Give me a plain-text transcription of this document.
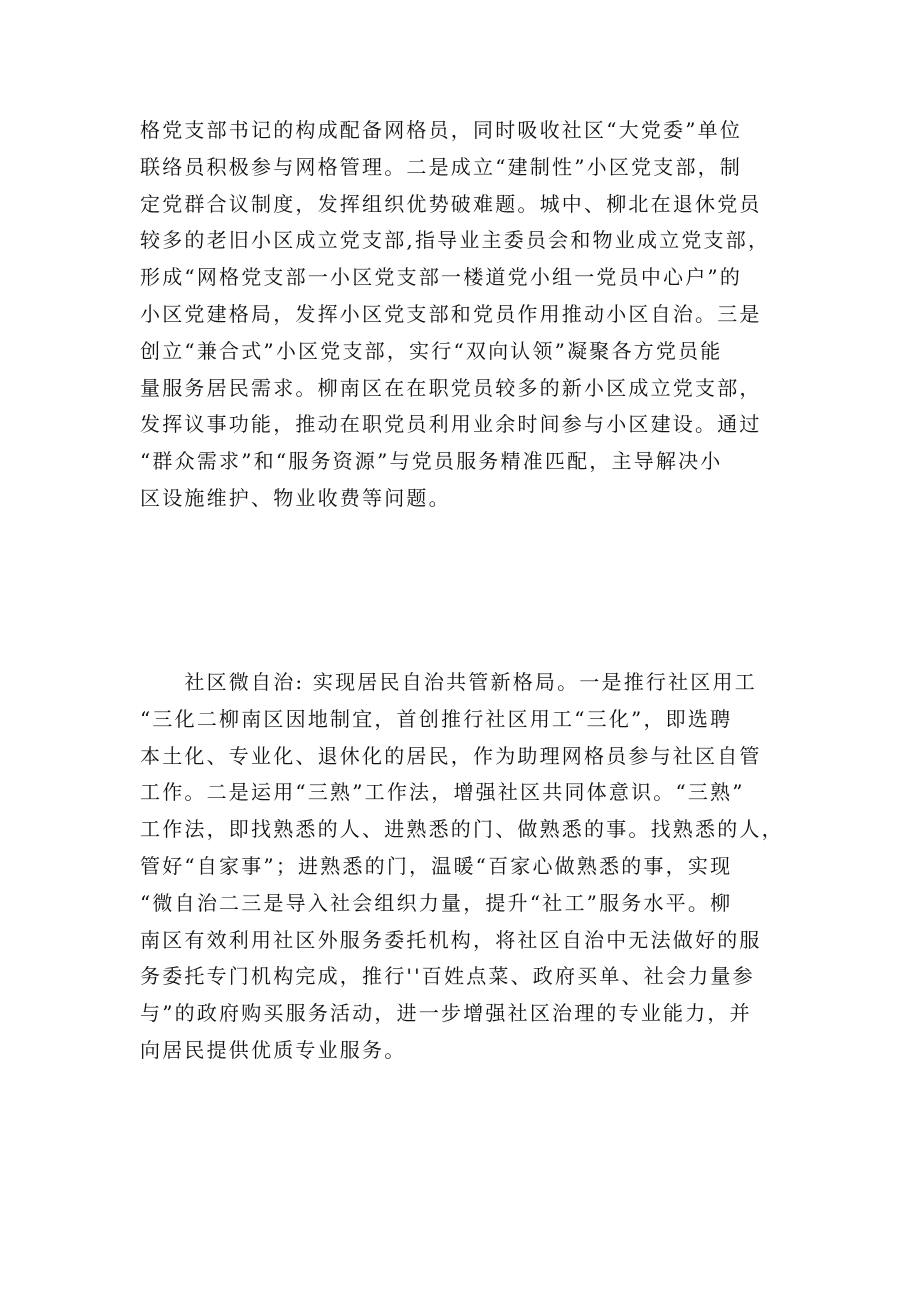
格党支部书记的构成配备网格员，同时吸收社区“大党委”单位
联络员积极参与网格管理。二是成立“建制性”小区党支部，制
定党群合议制度，发挥组织优势破难题。城中、柳北在退休党员
较多的老旧小区成立党支部,指导业主委员会和物业成立党支部，
形成“网格党支部一小区党支部一楼道党小组一党员中心户”的
小区党建格局，发挥小区党支部和党员作用推动小区自治。三是
创立“兼合式”小区党支部，实行“双向认领”凝聚各方党员能
量服务居民需求。柳南区在在职党员较多的新小区成立党支部，
发挥议事功能，推动在职党员利用业余时间参与小区建设。通过
“群众需求”和“服务资源”与党员服务精准匹配，主导解决小
区设施维护、物业收费等问题。
　　社区微自治: 实现居民自治共管新格局。一是推行社区用工
“三化二柳南区因地制宜，首创推行社区用工“三化”，即选聘
本土化、专业化、退休化的居民，作为助理网格员参与社区自管
工作。二是运用“三熟”工作法，增强社区共同体意识。“三熟”
工作法，即找熟悉的人、进熟悉的门、做熟悉的事。找熟悉的人，
管好“自家事”；进熟悉的门，温暖“百家心做熟悉的事，实现
“微自治二三是导入社会组织力量，提升“社工”服务水平。柳
南区有效利用社区外服务委托机构，将社区自治中无法做好的服
务委托专门机构完成，推行''百姓点菜、政府买单、社会力量参
与”的政府购买服务活动，进一步增强社区治理的专业能力，并
向居民提供优质专业服务。
